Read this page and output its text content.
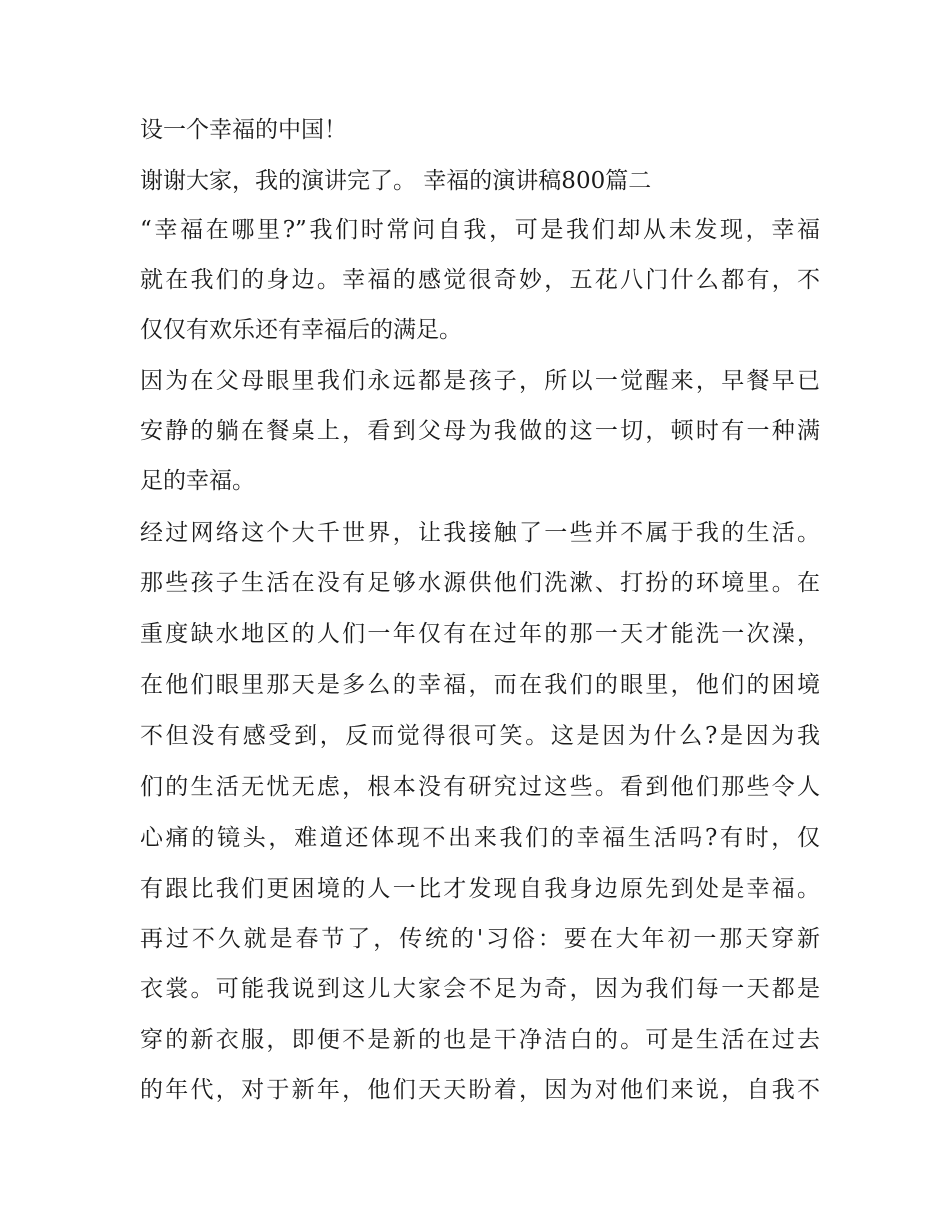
设一个幸福的中国！
谢谢大家，我的演讲完了。 幸福的演讲稿800篇二
“幸福在哪里?”我们时常问自我，可是我们却从未发现，幸福
就在我们的身边。幸福的感觉很奇妙，五花八门什么都有，不
仅仅有欢乐还有幸福后的满足。
因为在父母眼里我们永远都是孩子，所以一觉醒来，早餐早已
安静的躺在餐桌上，看到父母为我做的这一切，顿时有一种满
足的幸福。
经过网络这个大千世界，让我接触了一些并不属于我的生活。
那些孩子生活在没有足够水源供他们洗漱、打扮的环境里。在
重度缺水地区的人们一年仅有在过年的那一天才能洗一次澡，
在他们眼里那天是多么的幸福，而在我们的眼里，他们的困境
不但没有感受到，反而觉得很可笑。这是因为什么?是因为我
们的生活无忧无虑，根本没有研究过这些。看到他们那些令人
心痛的镜头，难道还体现不出来我们的幸福生活吗?有时，仅
有跟比我们更困境的人一比才发现自我身边原先到处是幸福。
再过不久就是春节了，传统的'习俗：要在大年初一那天穿新
衣裳。可能我说到这儿大家会不足为奇，因为我们每一天都是
穿的新衣服，即便不是新的也是干净洁白的。可是生活在过去
的年代，对于新年，他们天天盼着，因为对他们来说，自我不
